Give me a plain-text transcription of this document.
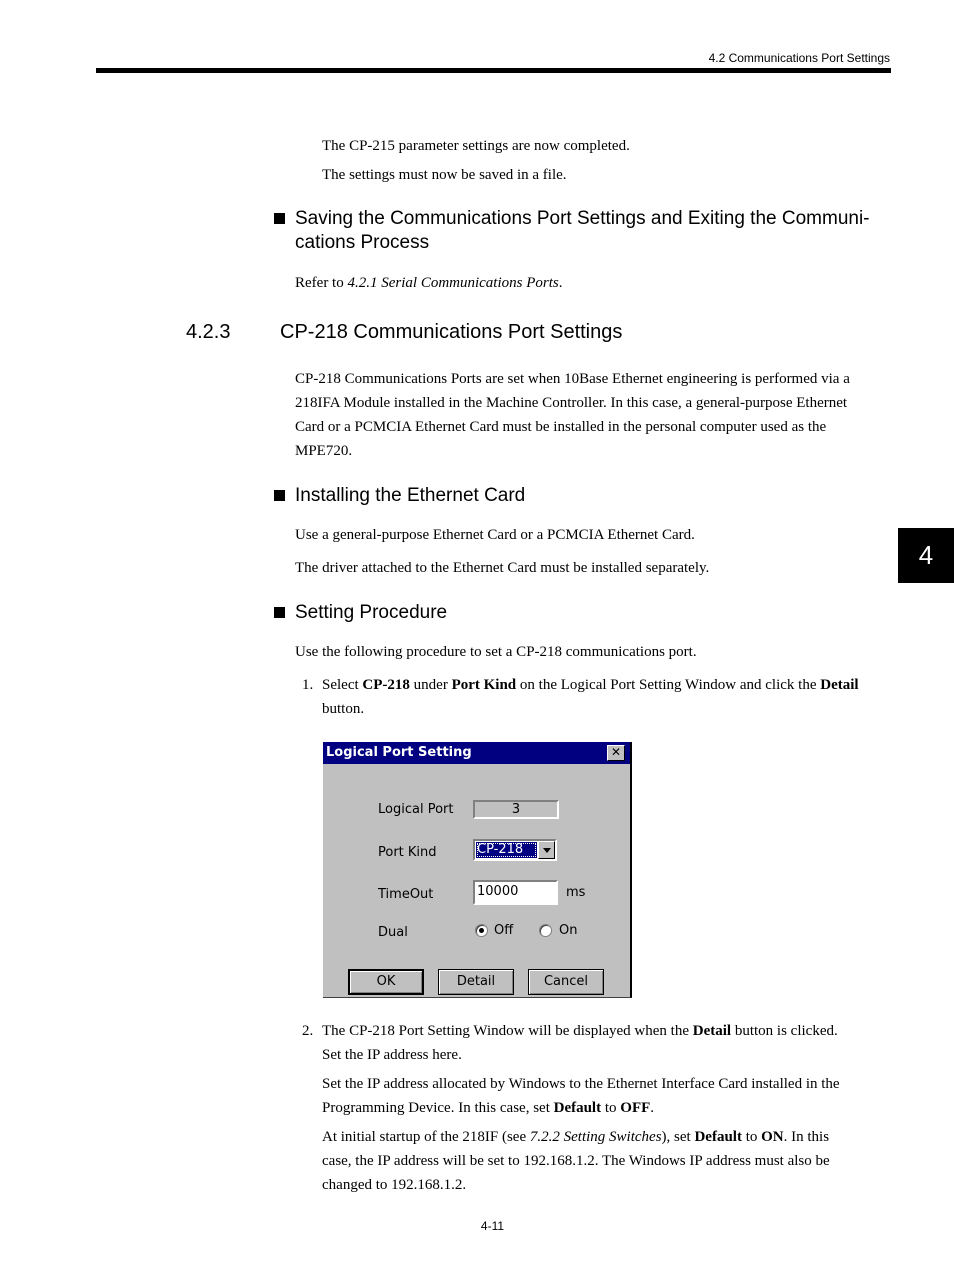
4.2 Communications Port Settings
4
The CP-215 parameter settings are now completed.
The settings must now be saved in a file.
Saving the Communications Port Settings and Exiting the Communi-
cations Process
Refer to 4.2.1 Serial Communications Ports.
4.2.3 CP-218 Communications Port Settings
CP-218 Communications Ports are set when 10Base Ethernet engineering is performed via a
218IFA Module installed in the Machine Controller. In this case, a general-purpose Ethernet
Card or a PCMCIA Ethernet Card must be installed in the personal computer used as the
MPE720.
Installing the Ethernet Card
Use a general-purpose Ethernet Card or a PCMCIA Ethernet Card.
The driver attached to the Ethernet Card must be installed separately.
Setting Procedure
Use the following procedure to set a CP-218 communications port.
1. Select CP-218 under Port Kind on the Logical Port Setting Window and click the Detail
button.
Logical Port Setting	✕
Logical Port	3
Port Kind	CP-218
TimeOut	10000	ms
Dual	Off	On
OK	Detail	Cancel
2. The CP-218 Port Setting Window will be displayed when the Detail button is clicked.
Set the IP address here.
Set the IP address allocated by Windows to the Ethernet Interface Card installed in the
Programming Device. In this case, set Default to OFF.
At initial startup of the 218IF (see 7.2.2 Setting Switches), set Default to ON. In this
case, the IP address will be set to 192.168.1.2. The Windows IP address must also be
changed to 192.168.1.2.
4-11
